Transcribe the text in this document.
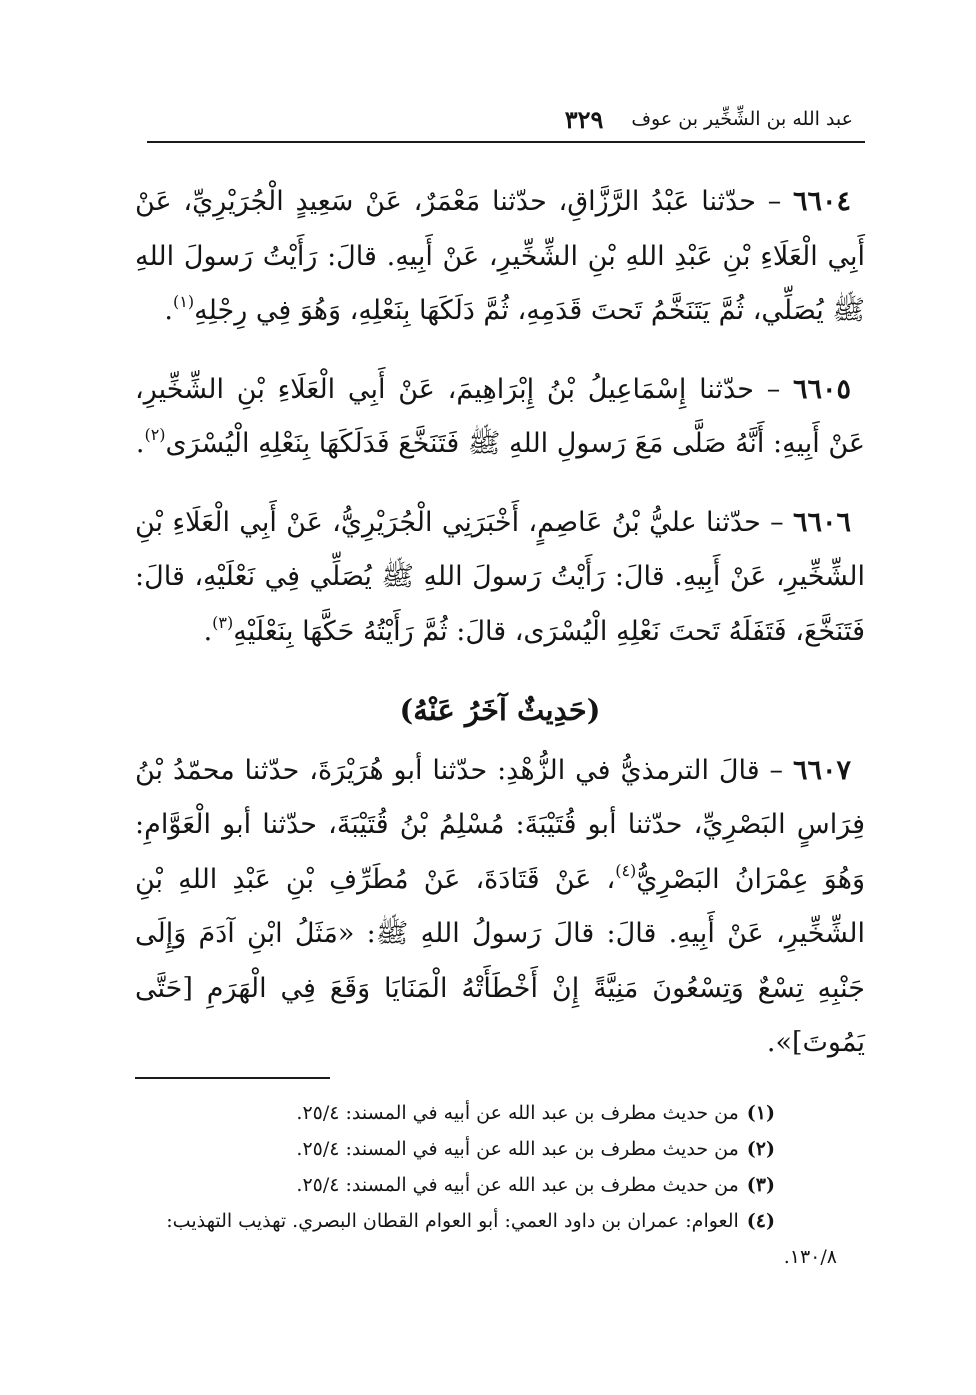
عبد الله بن الشِّخِّير بن عوف
٣٢٩

٦٦٠٤ – حدّثنا عَبْدُ الرَّزَّاقِ، حدّثنا مَعْمَرٌ، عَنْ سَعِيدٍ الْجُرَيْرِيِّ، عَنْ أَبِي الْعَلَاءِ بْنِ عَبْدِ اللهِ بْنِ الشِّخِّيرِ، عَنْ أَبِيهِ. قالَ: رَأَيْتُ رَسولَ اللهِ ﷺ يُصَلِّي، ثُمَّ يَتَنَخَّمُ تَحتَ قَدَمِهِ، ثُمَّ دَلَكَهَا بِنَعْلِهِ، وَهُوَ فِي رِجْلِهِ$^{(١)}$.

٦٦٠٥ – حدّثنا إِسْمَاعِيلُ بْنُ إِبْرَاهِيمَ، عَنْ أَبِي الْعَلَاءِ بْنِ الشِّخِّيرِ، عَنْ أَبِيهِ: أَنَّهُ صَلَّى مَعَ رَسولِ اللهِ ﷺ فَتَنَخَّعَ فَدَلَكَهَا بِنَعْلِهِ الْيُسْرَى$^{(٢)}$.

٦٦٠٦ – حدّثنا عليُّ بْنُ عَاصِمٍ، أَخْبَرَنِي الْجُرَيْرِيُّ، عَنْ أَبِي الْعَلَاءِ بْنِ الشِّخِّيرِ، عَنْ أَبِيهِ. قالَ: رَأَيْتُ رَسولَ اللهِ ﷺ يُصَلِّي فِي نَعْلَيْهِ، قالَ: فَتَنَخَّعَ، فَتَفَلَهُ تَحتَ نَعْلِهِ الْيُسْرَى، قالَ: ثُمَّ رَأَيْتُهُ حَكَّهَا بِنَعْلَيْهِ$^{(٣)}$.

(حَدِيثٌ آخَرُ عَنْهُ)

٦٦٠٧ – قالَ الترمذيُّ في الزُّهْدِ: حدّثنا أبو هُرَيْرَةَ، حدّثنا محمّدُ بْنُ فِرَاسٍ البَصْرِيِّ، حدّثنا أبو قُتَيْبَةَ: مُسْلِمُ بْنُ قُتَيْبَةَ، حدّثنا أبو الْعَوَّامِ: وَهُوَ عِمْرَانُ البَصْرِيُّ$^{(٤)}$، عَنْ قَتَادَةَ، عَنْ مُطَرِّفِ بْنِ عَبْدِ اللهِ بْنِ الشِّخِّيرِ، عَنْ أَبِيهِ. قالَ: قالَ رَسولُ اللهِ ﷺ: «مَثَلُ ابْنِ آدَمَ وَإِلَى جَنْبِهِ تِسْعٌ وَتِسْعُونَ مَنِيَّةً إِنْ أَخْطَأَتْهُ الْمَنَايَا وَقَعَ فِي الْهَرَمِ [حَتَّى يَمُوتَ]».

(١)من حديث مطرف بن عبد الله عن أبيه في المسند: ٢٥/٤.

(٢)من حديث مطرف بن عبد الله عن أبيه في المسند: ٢٥/٤.

(٣)من حديث مطرف بن عبد الله عن أبيه في المسند: ٢٥/٤.

(٤)العوام: عمران بن داود العمي: أبو العوام القطان البصري. تهذيب التهذيب:

١٣٠/٨.
